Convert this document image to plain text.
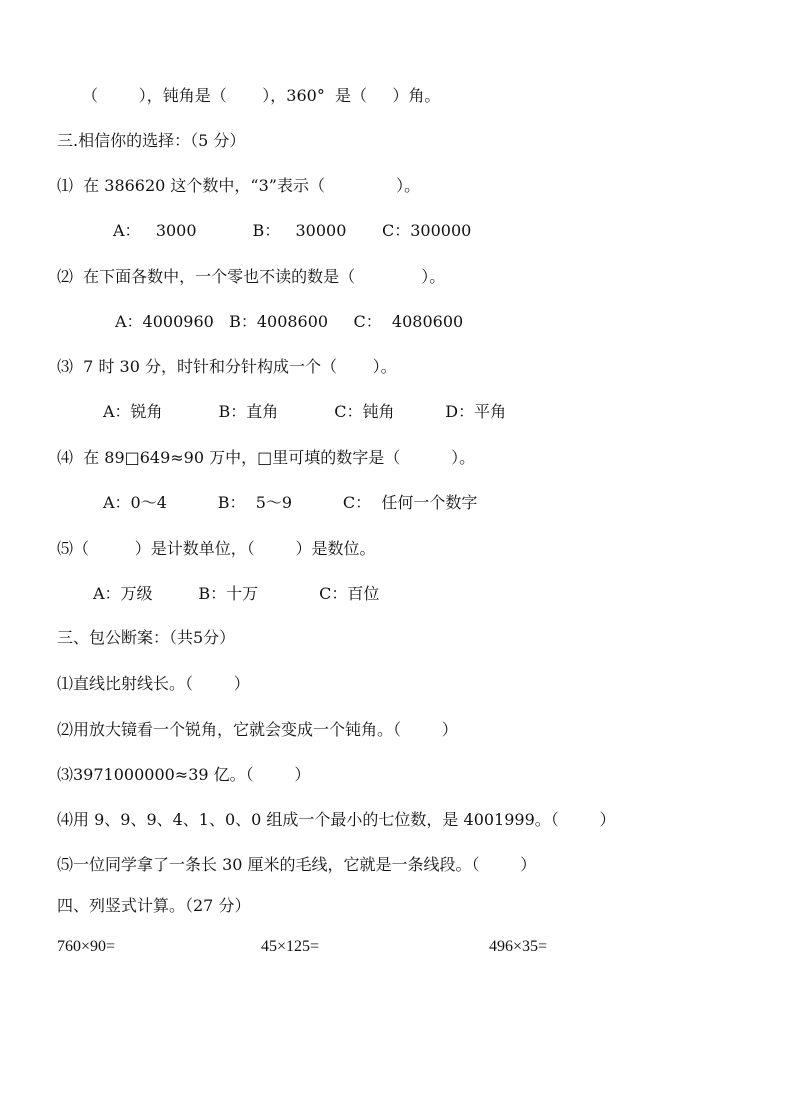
（        ），钝角是（       ），360°  是（     ）角。
三.相信你的选择：（5 分）
⑴  在 386620 这个数中，“3”表示（              ）。
A：   3000           B：   30000       C：300000
⑵  在下面各数中，一个零也不读的数是（             ）。
A：4000960   B：4008600     C：  4080600
⑶  7 时 30 分，时针和分针构成一个（       ）。
A：锐角           B：直角           C：钝角          D：平角
⑷  在 89□649≈90 万中，□里可填的数字是（          ）。
A：0～4          B：  5～9          C：  任何一个数字
⑸（         ）是计数单位，（        ）是数位。
A：万级         B：十万            C：百位
三、包公断案：（共5分）
⑴直线比射线长。（        ）
⑵用放大镜看一个锐角，它就会变成一个钝角。（        ）
⑶3971000000≈39 亿。（        ）
⑷用 9、9、9、4、1、0、0 组成一个最小的七位数，是 4001999。（        ）
⑸一位同学拿了一条长 30 厘米的毛线，它就是一条线段。（        ）
四、列竖式计算。（27 分）
760×90=	45×125=	496×35=
